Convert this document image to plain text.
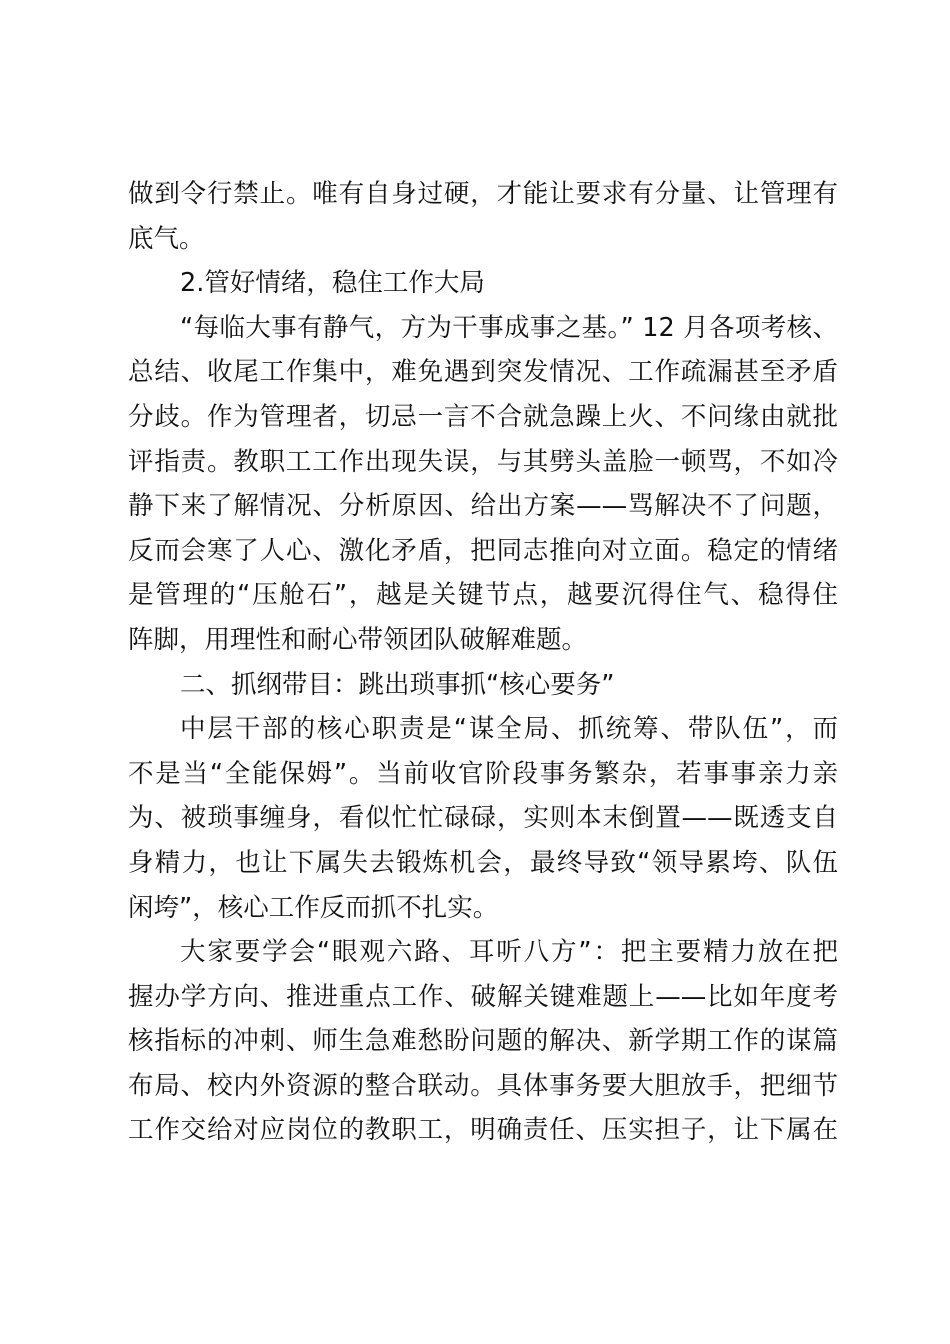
做到令行禁止。唯有自身过硬，才能让要求有分量、让管理有
底气。
2.管好情绪，稳住工作大局
“每临大事有静气，方为干事成事之基。” 12 月各项考核、
总结、收尾工作集中，难免遇到突发情况、工作疏漏甚至矛盾
分歧。作为管理者，切忌一言不合就急躁上火、不问缘由就批
评指责。教职工工作出现失误，与其劈头盖脸一顿骂，不如冷
静下来了解情况、分析原因、给出方案——骂解决不了问题，
反而会寒了人心、激化矛盾，把同志推向对立面。稳定的情绪
是管理的“压舱石”，越是关键节点，越要沉得住气、稳得住
阵脚，用理性和耐心带领团队破解难题。
二、抓纲带目：跳出琐事抓“核心要务”
中层干部的核心职责是“谋全局、抓统筹、带队伍”，而
不是当“全能保姆”。当前收官阶段事务繁杂，若事事亲力亲
为、被琐事缠身，看似忙忙碌碌，实则本末倒置——既透支自
身精力，也让下属失去锻炼机会，最终导致“领导累垮、队伍
闲垮”，核心工作反而抓不扎实。
大家要学会“眼观六路、耳听八方”：把主要精力放在把
握办学方向、推进重点工作、破解关键难题上——比如年度考
核指标的冲刺、师生急难愁盼问题的解决、新学期工作的谋篇
布局、校内外资源的整合联动。具体事务要大胆放手，把细节
工作交给对应岗位的教职工，明确责任、压实担子，让下属在
